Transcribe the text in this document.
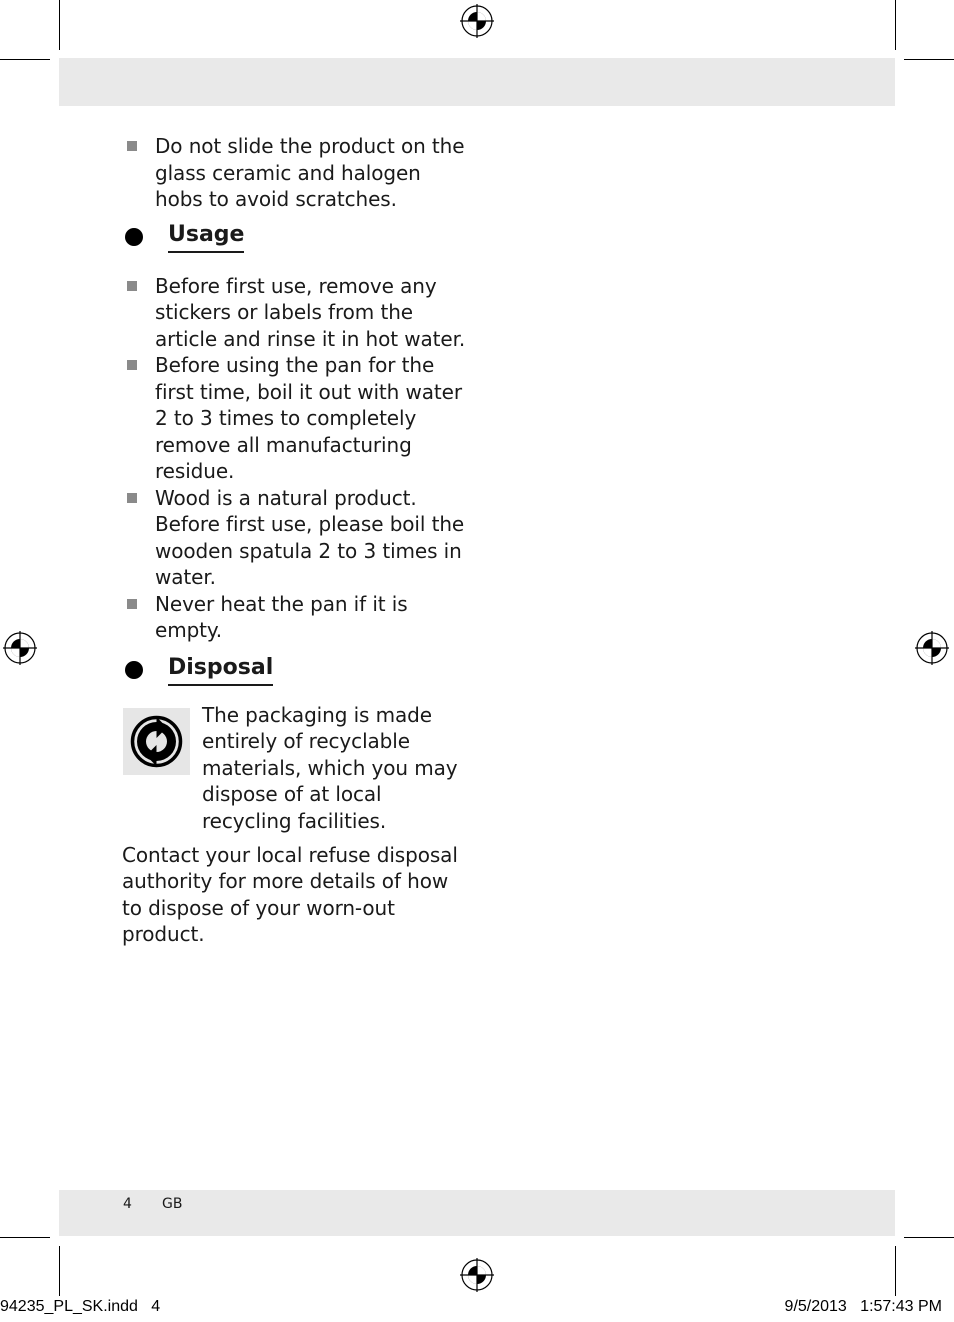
Do not slide the product on the glass ceramic and halogen hobs to avoid scratches.
Usage
Before first use, remove any stickers or labels from the article and rinse it in hot water.
Before using the pan for the first time, boil it out with water 2 to 3 times to completely remove all manufacturing residue.
Wood is a natural product. Before first use, please boil the wooden spatula 2 to 3 times in water.
Never heat the pan if it is empty.
Disposal
The packaging is made entirely of recyclable materials, which you may dispose of at local recycling facilities.
Contact your local refuse disposal authority for more details of how to dispose of your worn-out product.
4 GB
94235_PL_SK.indd   4	9/5/2013   1:57:43 PM
